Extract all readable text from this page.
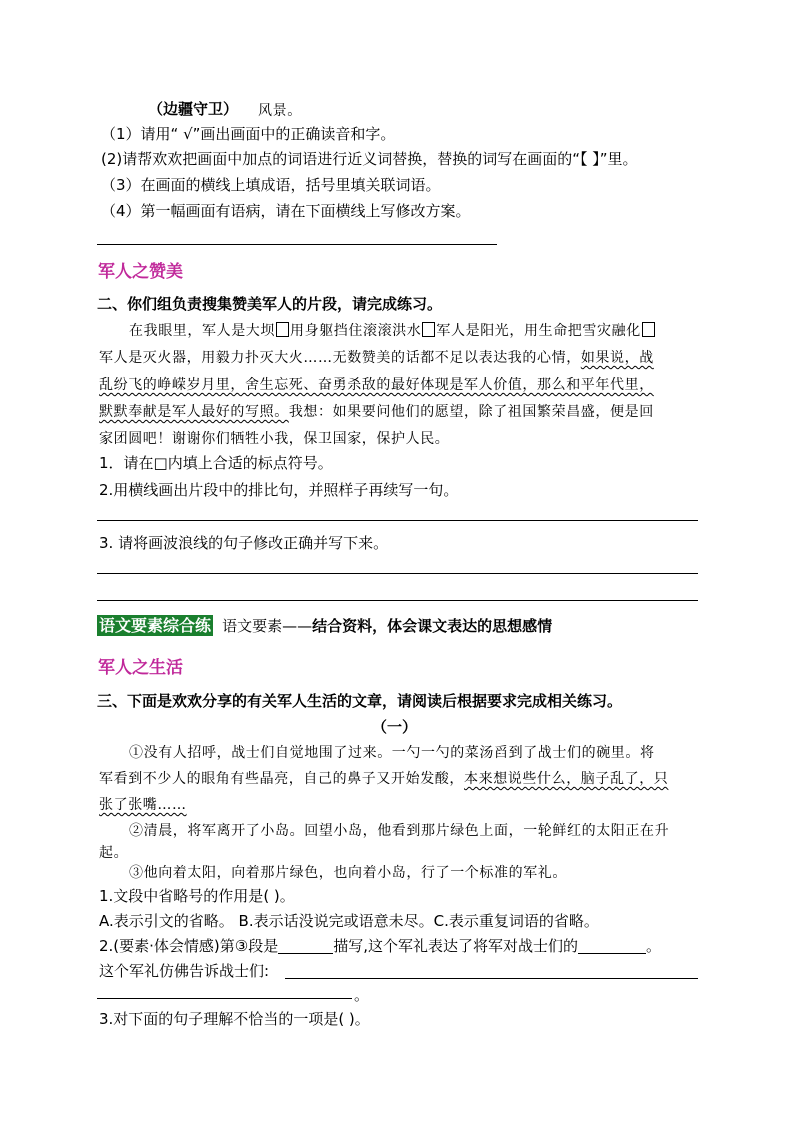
（边疆守卫） 风景。
（1）请用“ √”画出画面中的正确读音和字。
(2)请帮欢欢把画面中加点的词语进行近义词替换，替换的词写在画面的“【 】”里。
（3）在画面的横线上填成语，括号里填关联词语。
（4）第一幅画面有语病，请在下面横线上写修改方案。
军人之赞美
二、你们组负责搜集赞美军人的片段，请完成练习。
在我眼里，军人是大坝 用身躯挡住滚滚洪水 军人是阳光，用生命把雪灾融化
军人是灭火器，用毅力扑灭大火……无数赞美的话都不足以表达我的心情，如果说，战
乱纷飞的峥嵘岁月里，舍生忘死、奋勇杀敌的最好体现是军人价值，那么和平年代里，
默默奉献是军人最好的写照。我想：如果要问他们的愿望，除了祖国繁荣昌盛，便是回
家团圆吧！谢谢你们牺牲小我，保卫国家，保护人民。
1．请在□内填上合适的标点符号。
2.用横线画出片段中的排比句，并照样子再续写一句。
3. 请将画波浪线的句子修改正确并写下来。
语文要素综合练 语文要素——结合资料，体会课文表达的思想感情
军人之生活
三、下面是欢欢分享的有关军人生活的文章，请阅读后根据要求完成相关练习。
（一）
①没有人招呼，战士们自觉地围了过来。一勺一勺的菜汤舀到了战士们的碗里。将
军看到不少人的眼角有些晶亮，自己的鼻子又开始发酸，本来想说些什么，脑子乱了，只
张了张嘴……
②清晨，将军离开了小岛。回望小岛，他看到那片绿色上面，一轮鲜红的太阳正在升
起。
③他向着太阳，向着那片绿色，也向着小岛，行了一个标准的军礼。
1.文段中省略号的作用是( )。
A.表示引文的省略。 B.表示话没说完或语意未尽。C.表示重复词语的省略。
2.(要素·体会情感)第③段是	描写,这个军礼表达了将军对战士们的	。
这个军礼仿佛告诉战士们:
。
3.对下面的句子理解不恰当的一项是( )。
